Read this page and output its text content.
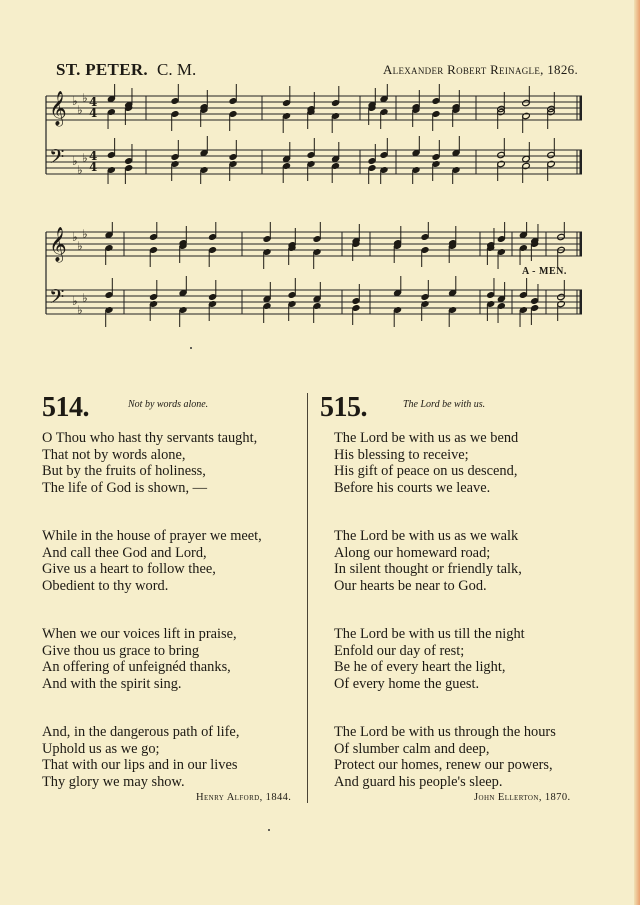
ST. PETER. C. M.	Alexander Robert Reinagle, 1826.
𝄞
𝄢
♭
♭
♭
♭
♭
♭
4
4
4
4
𝄞
𝄢
♭
♭
♭
♭
♭
♭
A - MEN.
514.	Not by words alone.
O Thou who hast thy servants taught,
That not by words alone,
But by the fruits of holiness,
The life of God is shown, —
While in the house of prayer we meet,
And call thee God and Lord,
Give us a heart to follow thee,
Obedient to thy word.
When we our voices lift in praise,
Give thou us grace to bring
An offering of unfeignéd thanks,
And with the spirit sing.
And, in the dangerous path of life,
Uphold us as we go;
That with our lips and in our lives
Thy glory we may show.
Henry Alford, 1844.
515.	The Lord be with us.
The Lord be with us as we bend
His blessing to receive;
His gift of peace on us descend,
Before his courts we leave.
The Lord be with us as we walk
Along our homeward road;
In silent thought or friendly talk,
Our hearts be near to God.
The Lord be with us till the night
Enfold our day of rest;
Be he of every heart the light,
Of every home the guest.
The Lord be with us through the hours
Of slumber calm and deep,
Protect our homes, renew our powers,
And guard his people's sleep.
John Ellerton, 1870.
